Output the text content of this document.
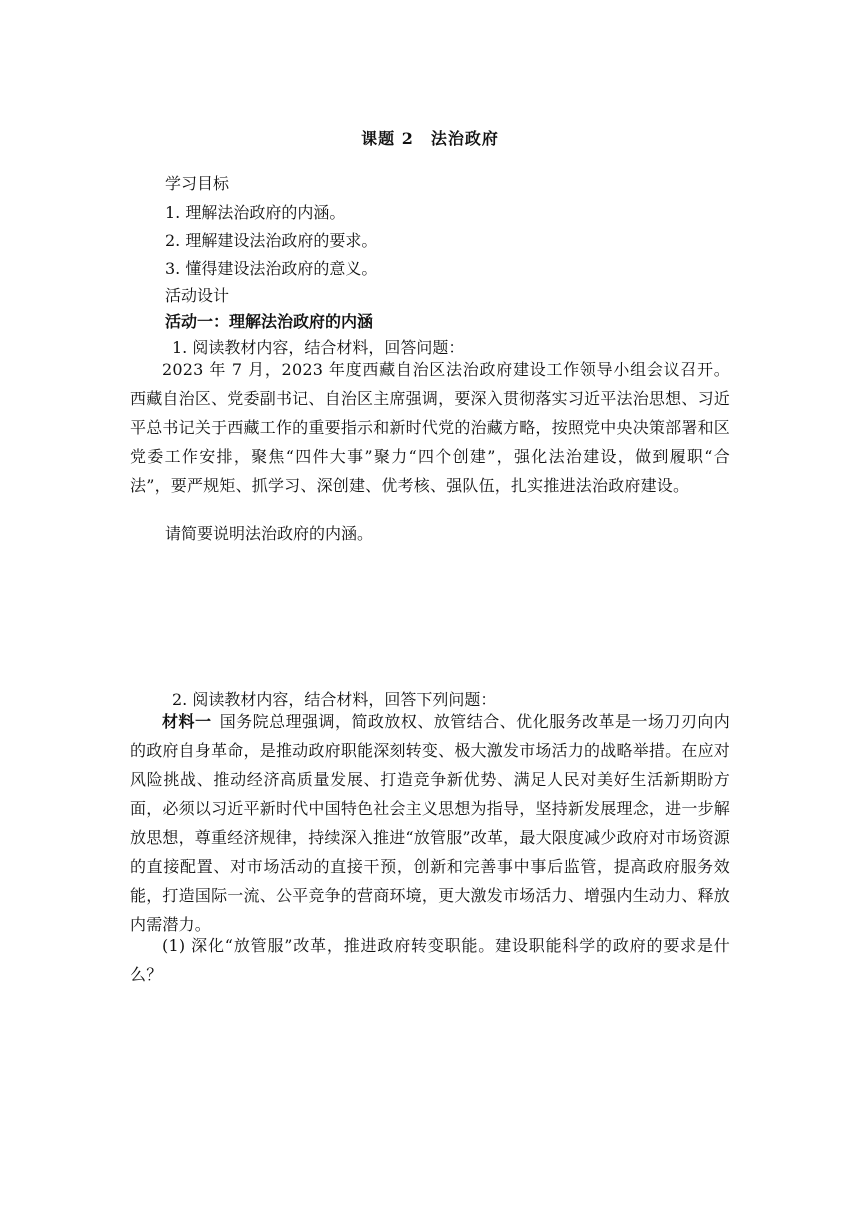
课题 2　法治政府
学习目标
1. 理解法治政府的内涵。
2. 理解建设法治政府的要求。
3. 懂得建设法治政府的意义。
活动设计
活动一：理解法治政府的内涵
1. 阅读教材内容，结合材料，回答问题：
2023 年 7 月，2023 年度西藏自治区法治政府建设工作领导小组会议召开。西藏自治区、党委副书记、自治区主席强调，要深入贯彻落实习近平法治思想、习近平总书记关于西藏工作的重要指示和新时代党的治藏方略，按照党中央决策部署和区党委工作安排，聚焦“四件大事”聚力“四个创建”，强化法治建设，做到履职“合法”，要严规矩、抓学习、深创建、优考核、强队伍，扎实推进法治政府建设。
请简要说明法治政府的内涵。
2. 阅读教材内容，结合材料，回答下列问题：
材料一 国务院总理强调，简政放权、放管结合、优化服务改革是一场刀刃向内的政府自身革命，是推动政府职能深刻转变、极大激发市场活力的战略举措。在应对风险挑战、推动经济高质量发展、打造竞争新优势、满足人民对美好生活新期盼方面，必须以习近平新时代中国特色社会主义思想为指导，坚持新发展理念，进一步解放思想，尊重经济规律，持续深入推进“放管服”改革，最大限度减少政府对市场资源的直接配置、对市场活动的直接干预，创新和完善事中事后监管，提高政府服务效能，打造国际一流、公平竞争的营商环境，更大激发市场活力、增强内生动力、释放内需潜力。
(1) 深化“放管服”改革，推进政府转变职能。建设职能科学的政府的要求是什么？
